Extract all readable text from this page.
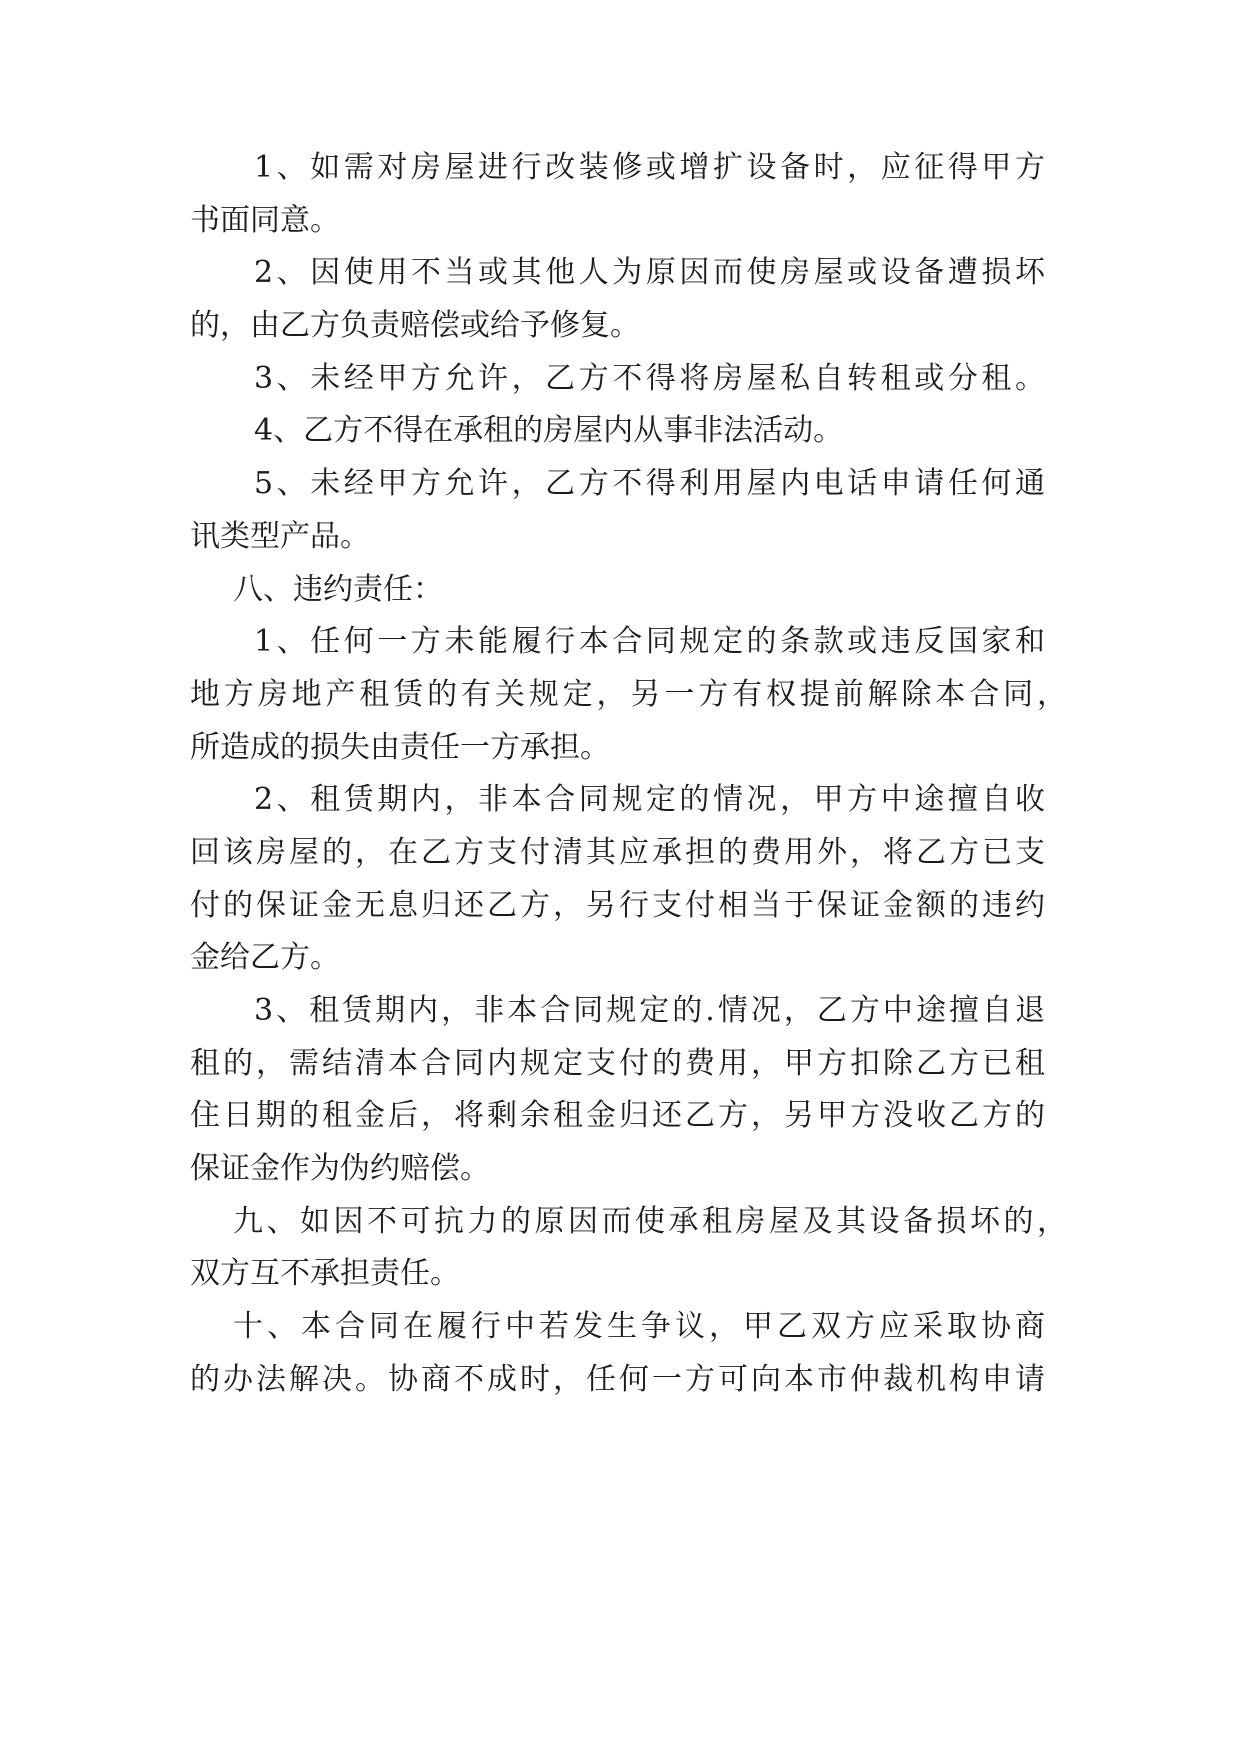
1、如需对房屋进行改装修或增扩设备时，应征得甲方
书面同意。
2、因使用不当或其他人为原因而使房屋或设备遭损坏
的，由乙方负责赔偿或给予修复。
3、未经甲方允许，乙方不得将房屋私自转租或分租。
4、乙方不得在承租的房屋内从事非法活动。
5、未经甲方允许，乙方不得利用屋内电话申请任何通
讯类型产品。
八、违约责任：
1、任何一方未能履行本合同规定的条款或违反国家和
地方房地产租赁的有关规定，另一方有权提前解除本合同，
所造成的损失由责任一方承担。
2、租赁期内，非本合同规定的情况，甲方中途擅自收
回该房屋的，在乙方支付清其应承担的费用外，将乙方已支
付的保证金无息归还乙方，另行支付相当于保证金额的违约
金给乙方。
3、租赁期内，非本合同规定的.情况，乙方中途擅自退
租的，需结清本合同内规定支付的费用，甲方扣除乙方已租
住日期的租金后，将剩余租金归还乙方，另甲方没收乙方的
保证金作为伪约赔偿。
九、如因不可抗力的原因而使承租房屋及其设备损坏的，
双方互不承担责任。
十、本合同在履行中若发生争议，甲乙双方应采取协商
的办法解决。协商不成时，任何一方可向本市仲裁机构申请
